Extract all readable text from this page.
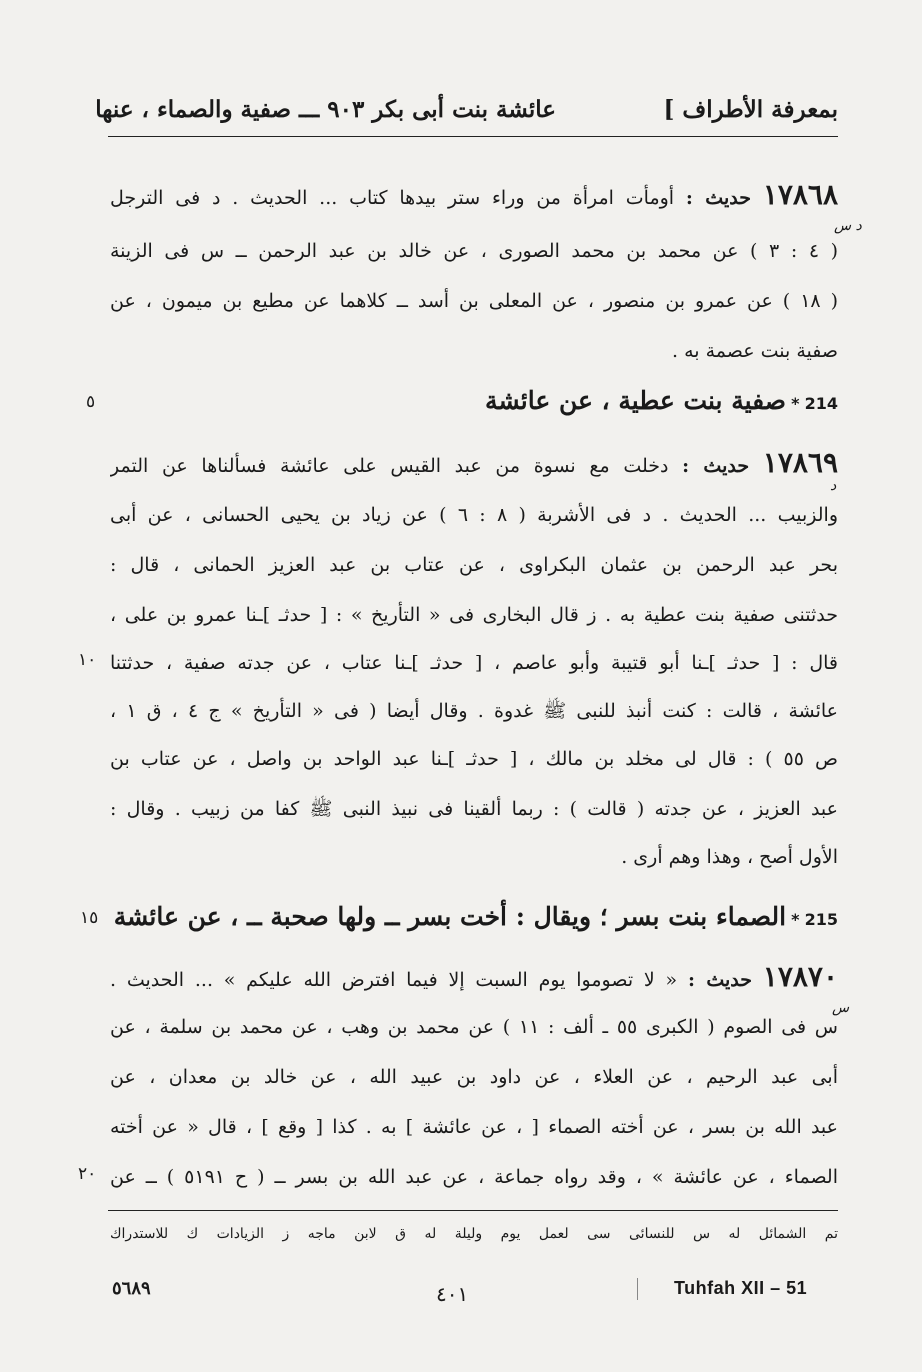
بمعرفة الأطراف ]
عائشة بنت أبى بكر ٩٠٣ ـــ صفية والصماء ، عنها
١٧٨٦٨ حديث : أومأت امرأة من وراء ستر بيدها كتاب ... الحديث . د فى الترجل
د س
( ٤ : ٣ ) عن محمد بن محمد الصورى ، عن خالد بن عبد الرحمن ــ س فى الزينة
( ١٨ ) عن عمرو بن منصور ، عن المعلى بن أسد ــ كلاهما عن مطيع بن ميمون ، عن
صفية بنت عصمة به .
214 * صفية بنت عطية ، عن عائشة
٥
١٧٨٦٩ حديث : دخلت مع نسوة من عبد القيس على عائشة فسألناها عن التمر
د
والزبيب ... الحديث . د فى الأشربة ( ٨ : ٦ ) عن زياد بن يحيى الحسانى ، عن أبى
بحر عبد الرحمن بن عثمان البكراوى ، عن عتاب بن عبد العزيز الحمانى ، قال :
حدثتنى صفية بنت عطية به . ز قال البخارى فى « التأريخ » : [ حدثـ ]ـنا عمرو بن على ،
قال : [ حدثـ ]ـنا أبو قتيبة وأبو عاصم ، [ حدثـ ]ـنا عتاب ، عن جدته صفية ، حدثتنا
١٠
عائشة ، قالت : كنت أنبذ للنبى ﷺ غدوة . وقال أيضا ( فى « التأريخ » ج ٤ ، ق ١ ،
ص ٥٥ ) : قال لى مخلد بن مالك ، [ حدثـ ]ـنا عبد الواحد بن واصل ، عن عتاب بن
عبد العزيز ، عن جدته ( قالت ) : ربما ألقينا فى نبيذ النبى ﷺ كفا من زبيب . وقال :
الأول أصح ، وهذا وهم أرى .
215 * الصماء بنت بسر ؛ ويقال : أخت بسر ــ ولها صحبة ــ ، عن عائشة
١٥
١٧٨٧٠ حديث : « لا تصوموا يوم السبت إلا فيما افترض الله عليكم » ... الحديث .
س
س فى الصوم ( الكبرى ٥٥ ـ ألف : ١١ ) عن محمد بن وهب ، عن محمد بن سلمة ، عن
أبى عبد الرحيم ، عن العلاء ، عن داود بن عبيد الله ، عن خالد بن معدان ، عن
عبد الله بن بسر ، عن أخته الصماء [ ، عن عائشة ] به . كذا [ وقع ] ، قال « عن أخته
الصماء ، عن عائشة » ، وقد رواه جماعة ، عن عبد الله بن بسر ــ ( ح ٥١٩١ ) ــ عن
٢٠
تم الشمائل له س للنسائى سى لعمل يوم وليلة له ق لابن ماجه ز الزيادات ك للاستدراك
٥٦٨٩	٤٠١	Tuhfah XII – 51
